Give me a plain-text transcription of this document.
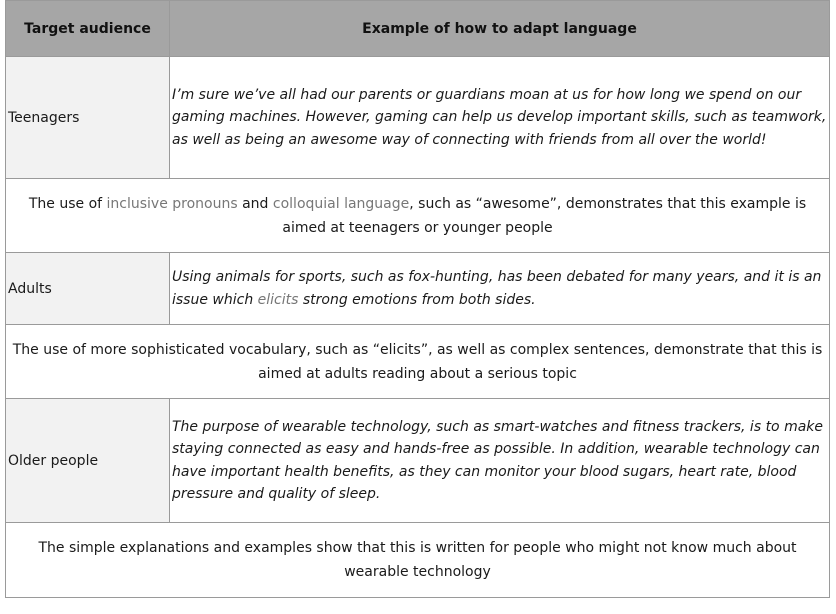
Target audience	Example of how to adapt language
Teenagers	I’m sure we’ve all had our parents or guardians moan at us for how long we spend on our gaming machines. However, gaming can help us develop important skills, such as teamwork, as well as being an awesome way of connecting with friends from all over the world!
The use of inclusive pronouns and colloquial language, such as “awesome”, demonstrates that this example is aimed at teenagers or younger people	
Adults	Using animals for sports, such as fox-hunting, has been debated for many years, and it is an issue which elicits strong emotions from both sides.
The use of more sophisticated vocabulary, such as “elicits”, as well as complex sentences, demonstrate that this is aimed at adults reading about a serious topic	
Older people	The purpose of wearable technology, such as smart-watches and fitness trackers, is to make staying connected as easy and hands-free as possible. In addition, wearable technology can have important health benefits, as they can monitor your blood sugars, heart rate, blood pressure and quality of sleep.
The simple explanations and examples show that this is written for people who might not know much about wearable technology	
